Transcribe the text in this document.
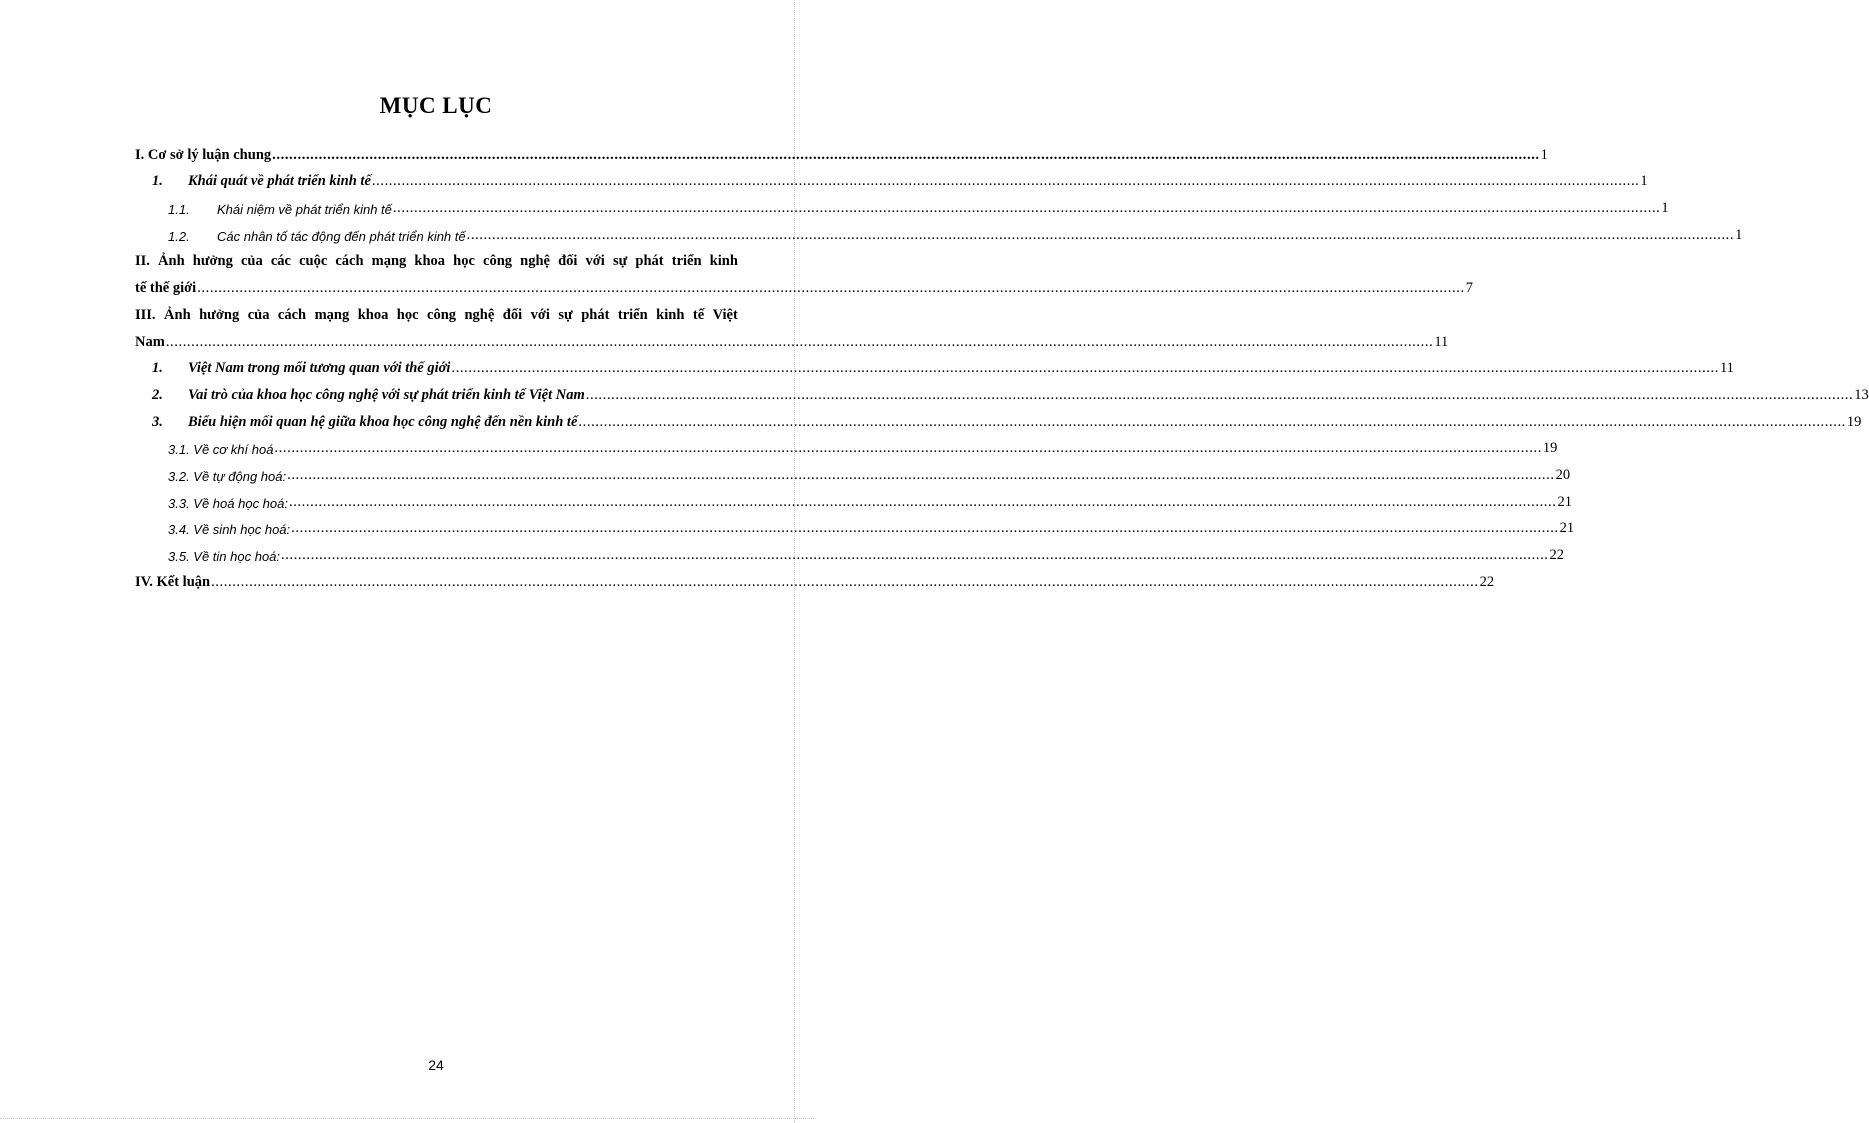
MỤC LỤC
I. Cơ sở lý luận chung ............................................................................................................................................................................................................................................................................................................ 1
1. Khái quát về phát triển kinh tế ............................................................................................................................................................................................................................................................................................................ 1
1.1. Khái niệm về phát triển kinh tế ............................................................................................................................................................................................................................................................................................................ 1
1.2. Các nhân tố tác động đến phát triển kinh tế ............................................................................................................................................................................................................................................................................................................ 1
II. Ảnh hưởng của các cuộc cách mạng khoa học công nghệ đối với sự phát triển kinh
tế thế giới ............................................................................................................................................................................................................................................................................................................ 7
III. Ảnh hưởng của cách mạng khoa học công nghệ đối với sự phát triển kinh tế Việt
Nam ............................................................................................................................................................................................................................................................................................................ 11
1. Việt Nam trong mối tương quan với thế giới ............................................................................................................................................................................................................................................................................................................ 11
2. Vai trò của khoa học công nghệ với sự phát triển kinh tế Việt Nam ............................................................................................................................................................................................................................................................................................................ 13
3. Biểu hiện mối quan hệ giữa khoa học công nghệ đến nền kinh tế ............................................................................................................................................................................................................................................................................................................ 19
3.1. Về cơ khí hoá ............................................................................................................................................................................................................................................................................................................ 19
3.2. Về tự động hoá: ............................................................................................................................................................................................................................................................................................................ 20
3.3. Về hoá học hoá: ............................................................................................................................................................................................................................................................................................................ 21
3.4. Về sinh học hoá: ............................................................................................................................................................................................................................................................................................................ 21
3.5. Về tin học hoá: ............................................................................................................................................................................................................................................................................................................ 22
IV. Kết luận ............................................................................................................................................................................................................................................................................................................ 22
24
